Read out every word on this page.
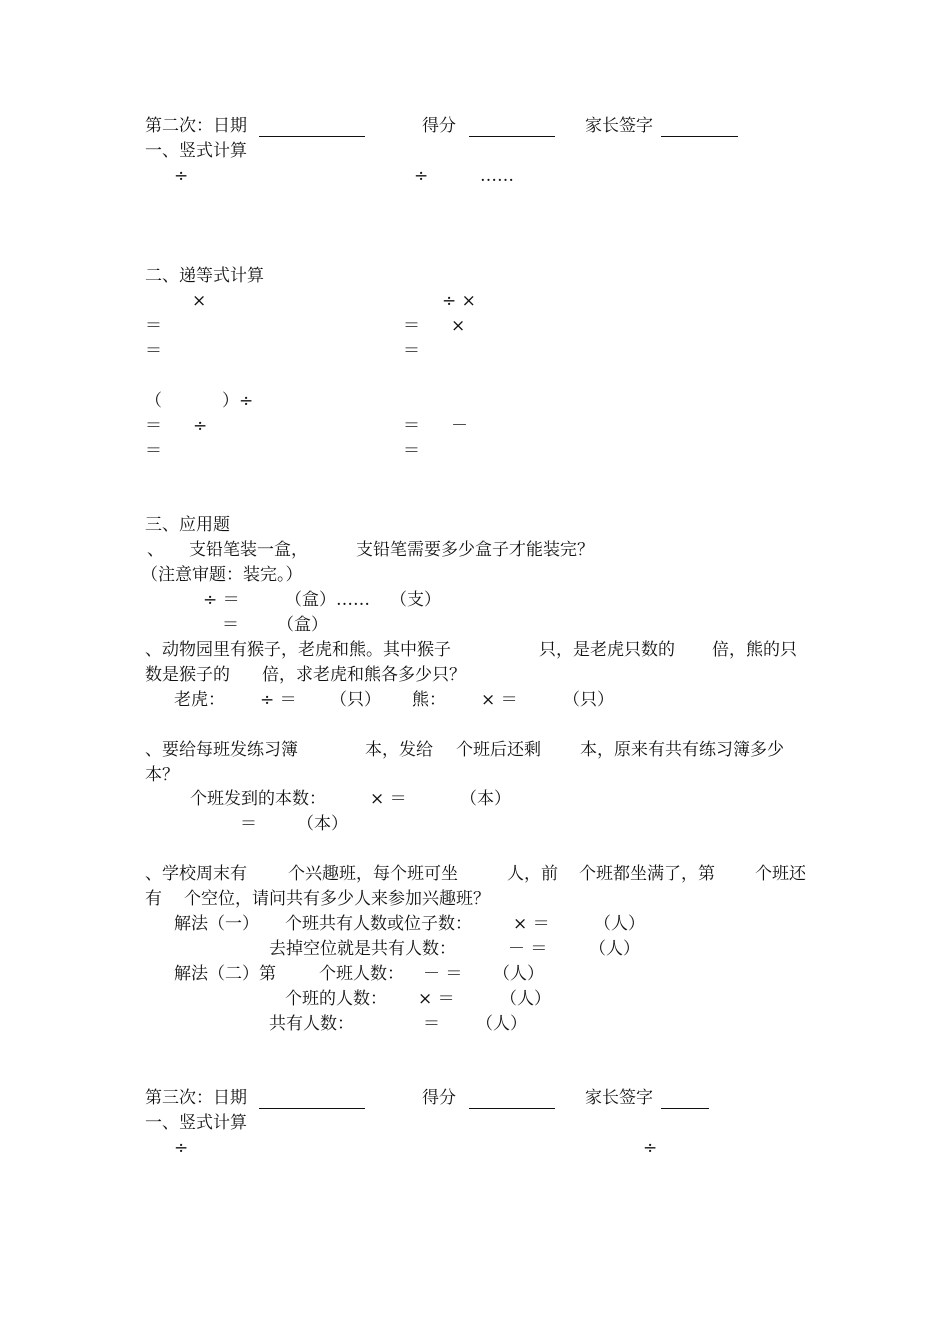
第二次：日期	得分	家长签字
一、竖式计算
÷	÷	……
二、递等式计算
×	÷ ×
＝	＝ ×
＝	＝
（	）÷
＝ ÷	＝ －
＝	＝
三、应用题
、 支铅笔装一盒，	支铅笔需要多少盒子才能装完？
（注意审题：装完。）
÷ ＝	（盒）…… （支）
＝ （盒）
、动物园里有猴子，老虎和熊。其中猴子	只，是老虎只数的 倍，熊的只
数是猴子的 倍，求老虎和熊各多少只？
老虎： ÷ ＝ （只） 熊： × ＝	（只）
、要给每班发练习簿	本，发给 个班后还剩 本，原来有共有练习簿多少
本？
个班发到的本数：	× ＝	（本）
＝ （本）
、学校周末有 个兴趣班，每个班可坐	人，前 个班都坐满了，第 个班还
有 个空位，请问共有多少人来参加兴趣班？
解法（一） 个班共有人数或位子数： × ＝	（人）
去掉空位就是共有人数：	－ ＝ （人）
解法（二）第	个班人数： － ＝ （人）
个班的人数： × ＝	（人）
共有人数：	＝ （人）
第三次：日期	得分	家长签字
一、竖式计算
÷	÷
